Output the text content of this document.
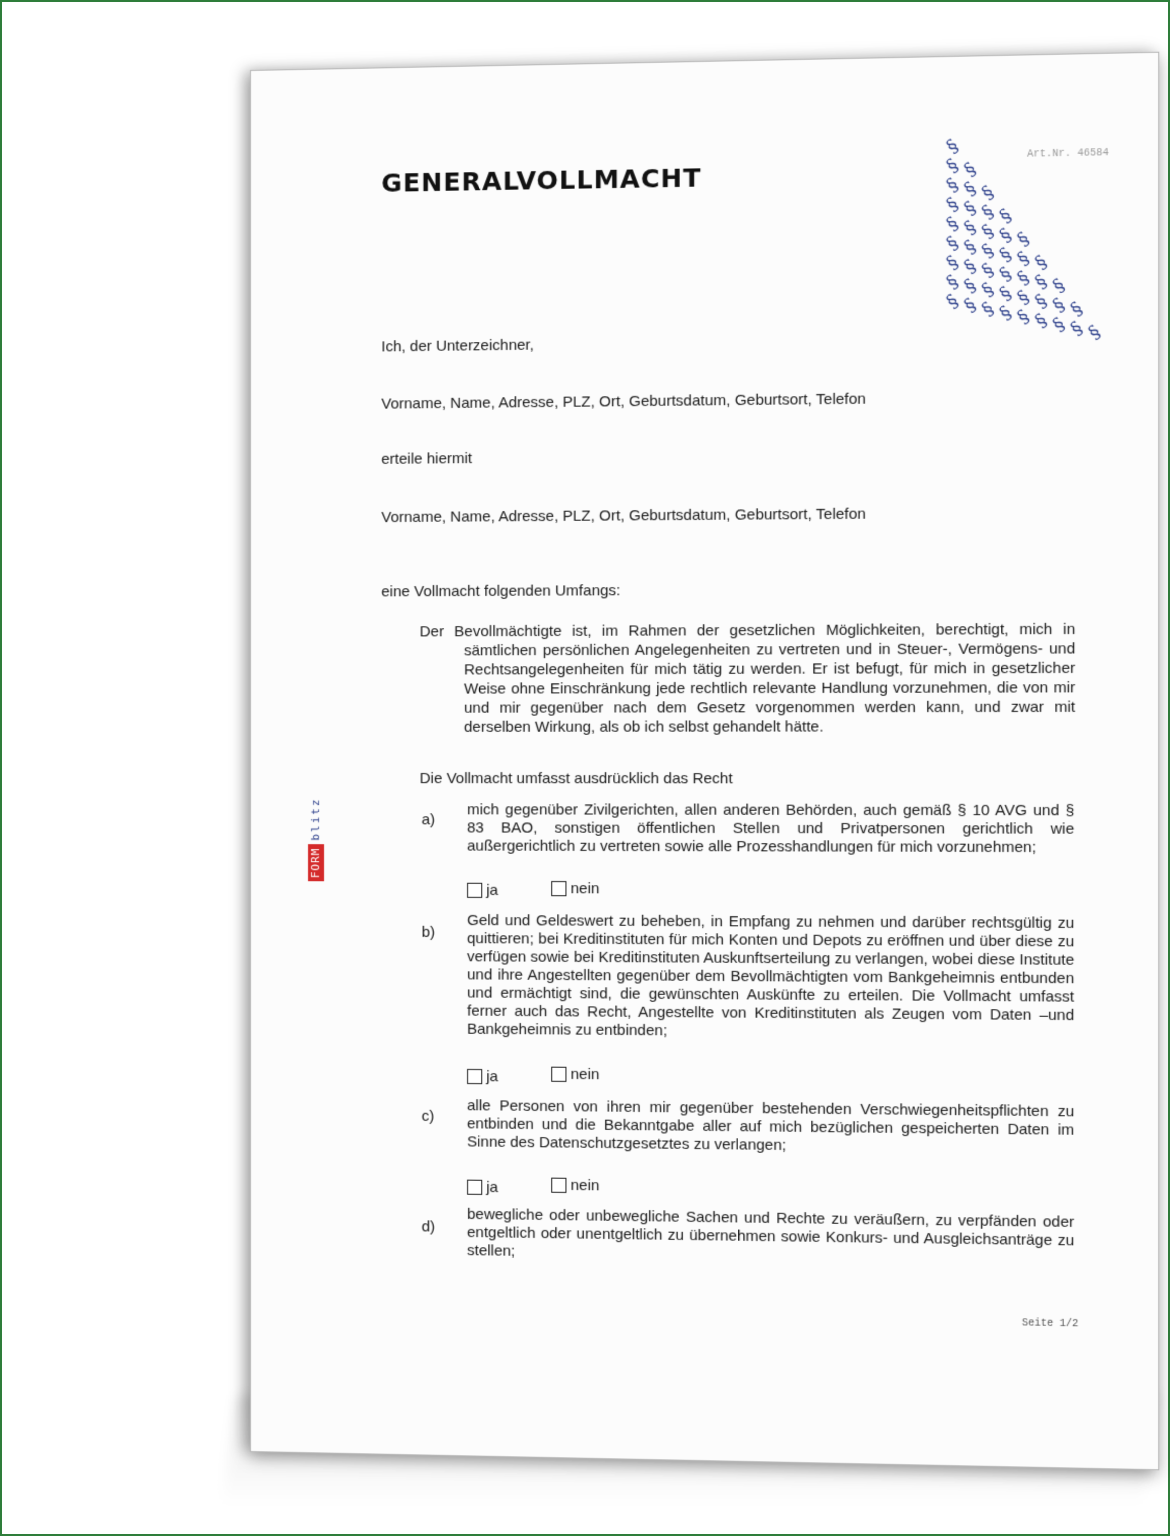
GENERALVOLLMACHT
Art.Nr. 46584
§
§
§
§
§
§
§
§
§
§
§
§
§
§
§
§
§
§
§
§
§
§
§
§
§
§
§
§
§
§
§
§
§
§
§
§
§
§
§
§
§
§
§
§
§
Ich, der Unterzeichner,
Vorname, Name, Adresse, PLZ, Ort, Geburtsdatum, Geburtsort, Telefon
erteile hiermit
Vorname, Name, Adresse, PLZ, Ort, Geburtsdatum, Geburtsort, Telefon
eine Vollmacht folgenden Umfangs:
Der Bevollmächtigte ist, im Rahmen der gesetzlichen Möglichkeiten, berechtigt, mich in sämtlichen persönlichen Angelegenheiten zu vertreten und in Steuer-, Vermögens- und Rechtsangelegenheiten für mich tätig zu werden. Er ist befugt, für mich in gesetzlicher Weise ohne Einschränkung jede rechtlich relevante Handlung vorzunehmen, die von mir und mir gegenüber nach dem Gesetz vorgenommen werden kann, und zwar mit derselben Wirkung, als ob ich selbst gehandelt hätte.
Die Vollmacht umfasst ausdrücklich das Recht
a)
mich gegenüber Zivilgerichten, allen anderen Behörden, auch gemäß § 10 AVG und § 83 BAO, sonstigen öffentlichen Stellen und Privatpersonen gerichtlich wie außergerichtlich zu vertreten sowie alle Prozesshandlungen für mich vorzunehmen;
ja	nein
b)
Geld und Geldeswert zu beheben, in Empfang zu nehmen und darüber rechtsgültig zu quittieren; bei Kreditinstituten für mich Konten und Depots zu eröffnen und über diese zu verfügen sowie bei Kreditinstituten Auskunftserteilung zu verlangen, wobei diese Institute und ihre Angestellten gegenüber dem Bevollmächtigten vom Bankgeheimnis entbunden und ermächtigt sind, die gewünschten Auskünfte zu erteilen. Die Vollmacht umfasst ferner auch das Recht, Angestellte von Kreditinstituten als Zeugen vom Daten –und Bankgeheimnis zu entbinden;
ja	nein
c) alle Personen von ihren mir gegenüber bestehenden Verschwiegenheitspflichten zu entbinden und die Bekanntgabe aller auf mich bezüglichen gespeicherten Daten im Sinne des Datenschutzgesetztes zu verlangen;
ja	nein
d) bewegliche oder unbewegliche Sachen und Rechte zu veräußern, zu verpfänden oder entgeltlich oder unentgeltlich zu übernehmen sowie Konkurs- und Ausgleichsanträge zu stellen;
Seite 1/2
FORM
blitz
